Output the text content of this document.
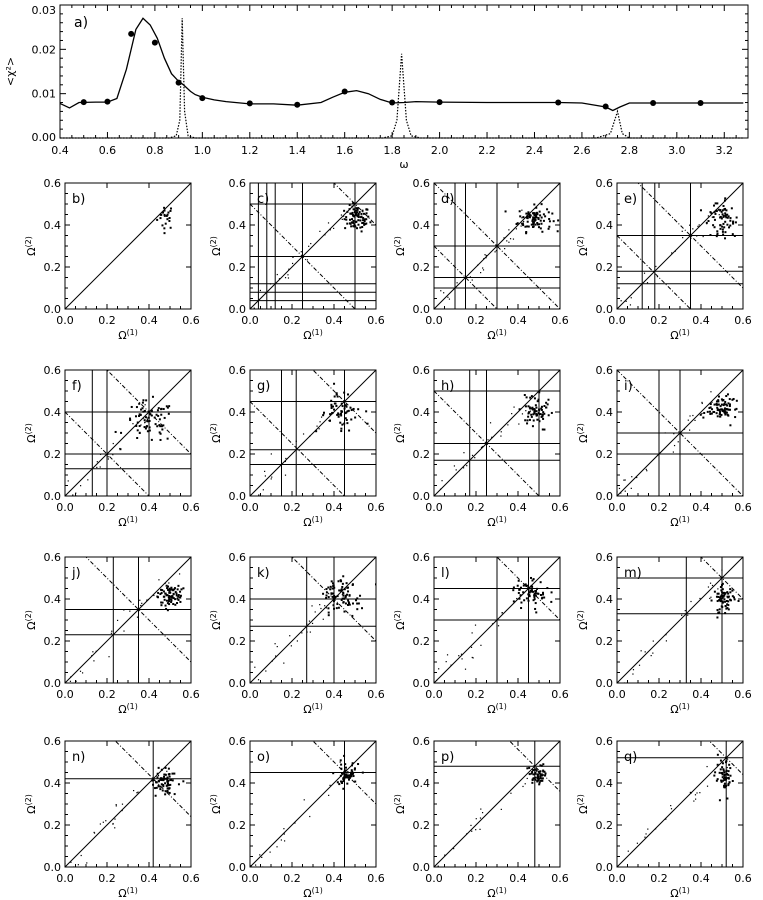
0.4	0.6	0.8	1.0	1.2	1.4	1.6	1.8	2.0	2.2	2.4	2.6	2.8	3.0	3.2
0.00
0.01
0.02
0.03
<χ²>
ω
a)
0.0 0.2 0.4 0.6
0.0
0.2
0.4
0.6
$\Omega^{(1)}$
$\Omega^{(2)}$
b)
0.0 0.2 0.4 0.6
0.0
0.2
0.4
0.6
$\Omega^{(1)}$
$\Omega^{(2)}$
c)
0.0 0.2 0.4 0.6
0.0
0.2
0.4
0.6
$\Omega^{(1)}$
$\Omega^{(2)}$
d)
0.0 0.2 0.4 0.6
0.0
0.2
0.4
0.6
$\Omega^{(1)}$
$\Omega^{(2)}$
e)
0.0 0.2 0.4 0.6
0.0
0.2
0.4
0.6
$\Omega^{(1)}$
$\Omega^{(2)}$
f)
0.0 0.2 0.4 0.6
0.0
0.2
0.4
0.6
$\Omega^{(1)}$
$\Omega^{(2)}$
g)
0.0 0.2 0.4 0.6
0.0
0.2
0.4
0.6
$\Omega^{(1)}$
$\Omega^{(2)}$
h)
0.0 0.2 0.4 0.6
0.0
0.2
0.4
0.6
$\Omega^{(1)}$
$\Omega^{(2)}$
i)
0.0 0.2 0.4 0.6
0.0
0.2
0.4
0.6
$\Omega^{(1)}$
$\Omega^{(2)}$
j)
0.0 0.2 0.4 0.6
0.0
0.2
0.4
0.6
$\Omega^{(1)}$
$\Omega^{(2)}$
k)
0.0 0.2 0.4 0.6
0.0
0.2
0.4
0.6
$\Omega^{(1)}$
$\Omega^{(2)}$
l)
0.0 0.2 0.4 0.6
0.0
0.2
0.4
0.6
$\Omega^{(1)}$
$\Omega^{(2)}$
m)
0.0 0.2 0.4 0.6
0.0
0.2
0.4
0.6
$\Omega^{(1)}$
$\Omega^{(2)}$
n)
0.0 0.2 0.4 0.6
0.0
0.2
0.4
0.6
$\Omega^{(1)}$
$\Omega^{(2)}$
o)
0.0 0.2 0.4 0.6
0.0
0.2
0.4
0.6
$\Omega^{(1)}$
$\Omega^{(2)}$
p)
0.0 0.2 0.4 0.6
0.0
0.2
0.4
0.6
$\Omega^{(1)}$
$\Omega^{(2)}$
q)
